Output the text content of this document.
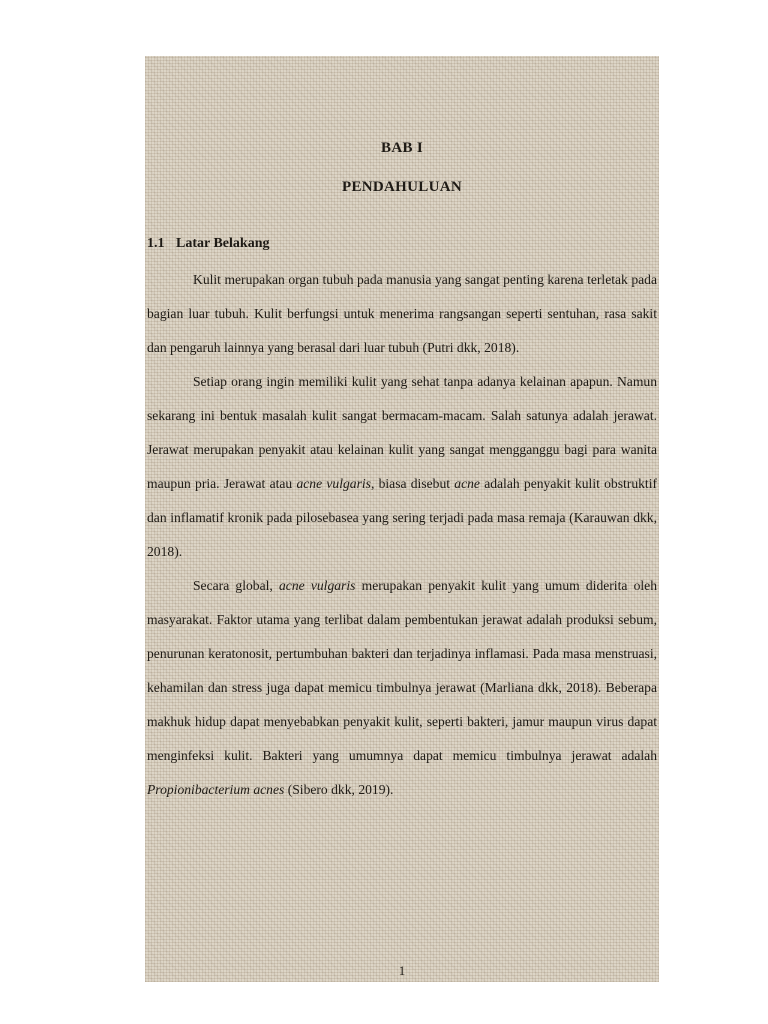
BAB I
PENDAHULUAN
1.1 Latar Belakang

Kulit merupakan organ tubuh pada manusia yang sangat penting karena terletak pada bagian luar tubuh. Kulit berfungsi untuk menerima rangsangan seperti sentuhan, rasa sakit dan pengaruh lainnya yang berasal dari luar tubuh (Putri dkk, 2018).

Setiap orang ingin memiliki kulit yang sehat tanpa adanya kelainan apapun. Namun sekarang ini bentuk masalah kulit sangat bermacam-macam. Salah satunya adalah jerawat. Jerawat merupakan penyakit atau kelainan kulit yang sangat mengganggu bagi para wanita maupun pria. Jerawat atau acne vulgaris, biasa disebut acne adalah penyakit kulit obstruktif dan inflamatif kronik pada pilosebasea yang sering terjadi pada masa remaja (Karauwan dkk, 2018).

Secara global, acne vulgaris merupakan penyakit kulit yang umum diderita oleh masyarakat. Faktor utama yang terlibat dalam pembentukan jerawat adalah produksi sebum, penurunan keratonosit, pertumbuhan bakteri dan terjadinya inflamasi. Pada masa menstruasi, kehamilan dan stress juga dapat memicu timbulnya jerawat (Marliana dkk, 2018). Beberapa makhuk hidup dapat menyebabkan penyakit kulit, seperti bakteri, jamur maupun virus dapat menginfeksi kulit. Bakteri yang umumnya dapat memicu timbulnya jerawat adalah Propionibacterium acnes (Sibero dkk, 2019).

1
